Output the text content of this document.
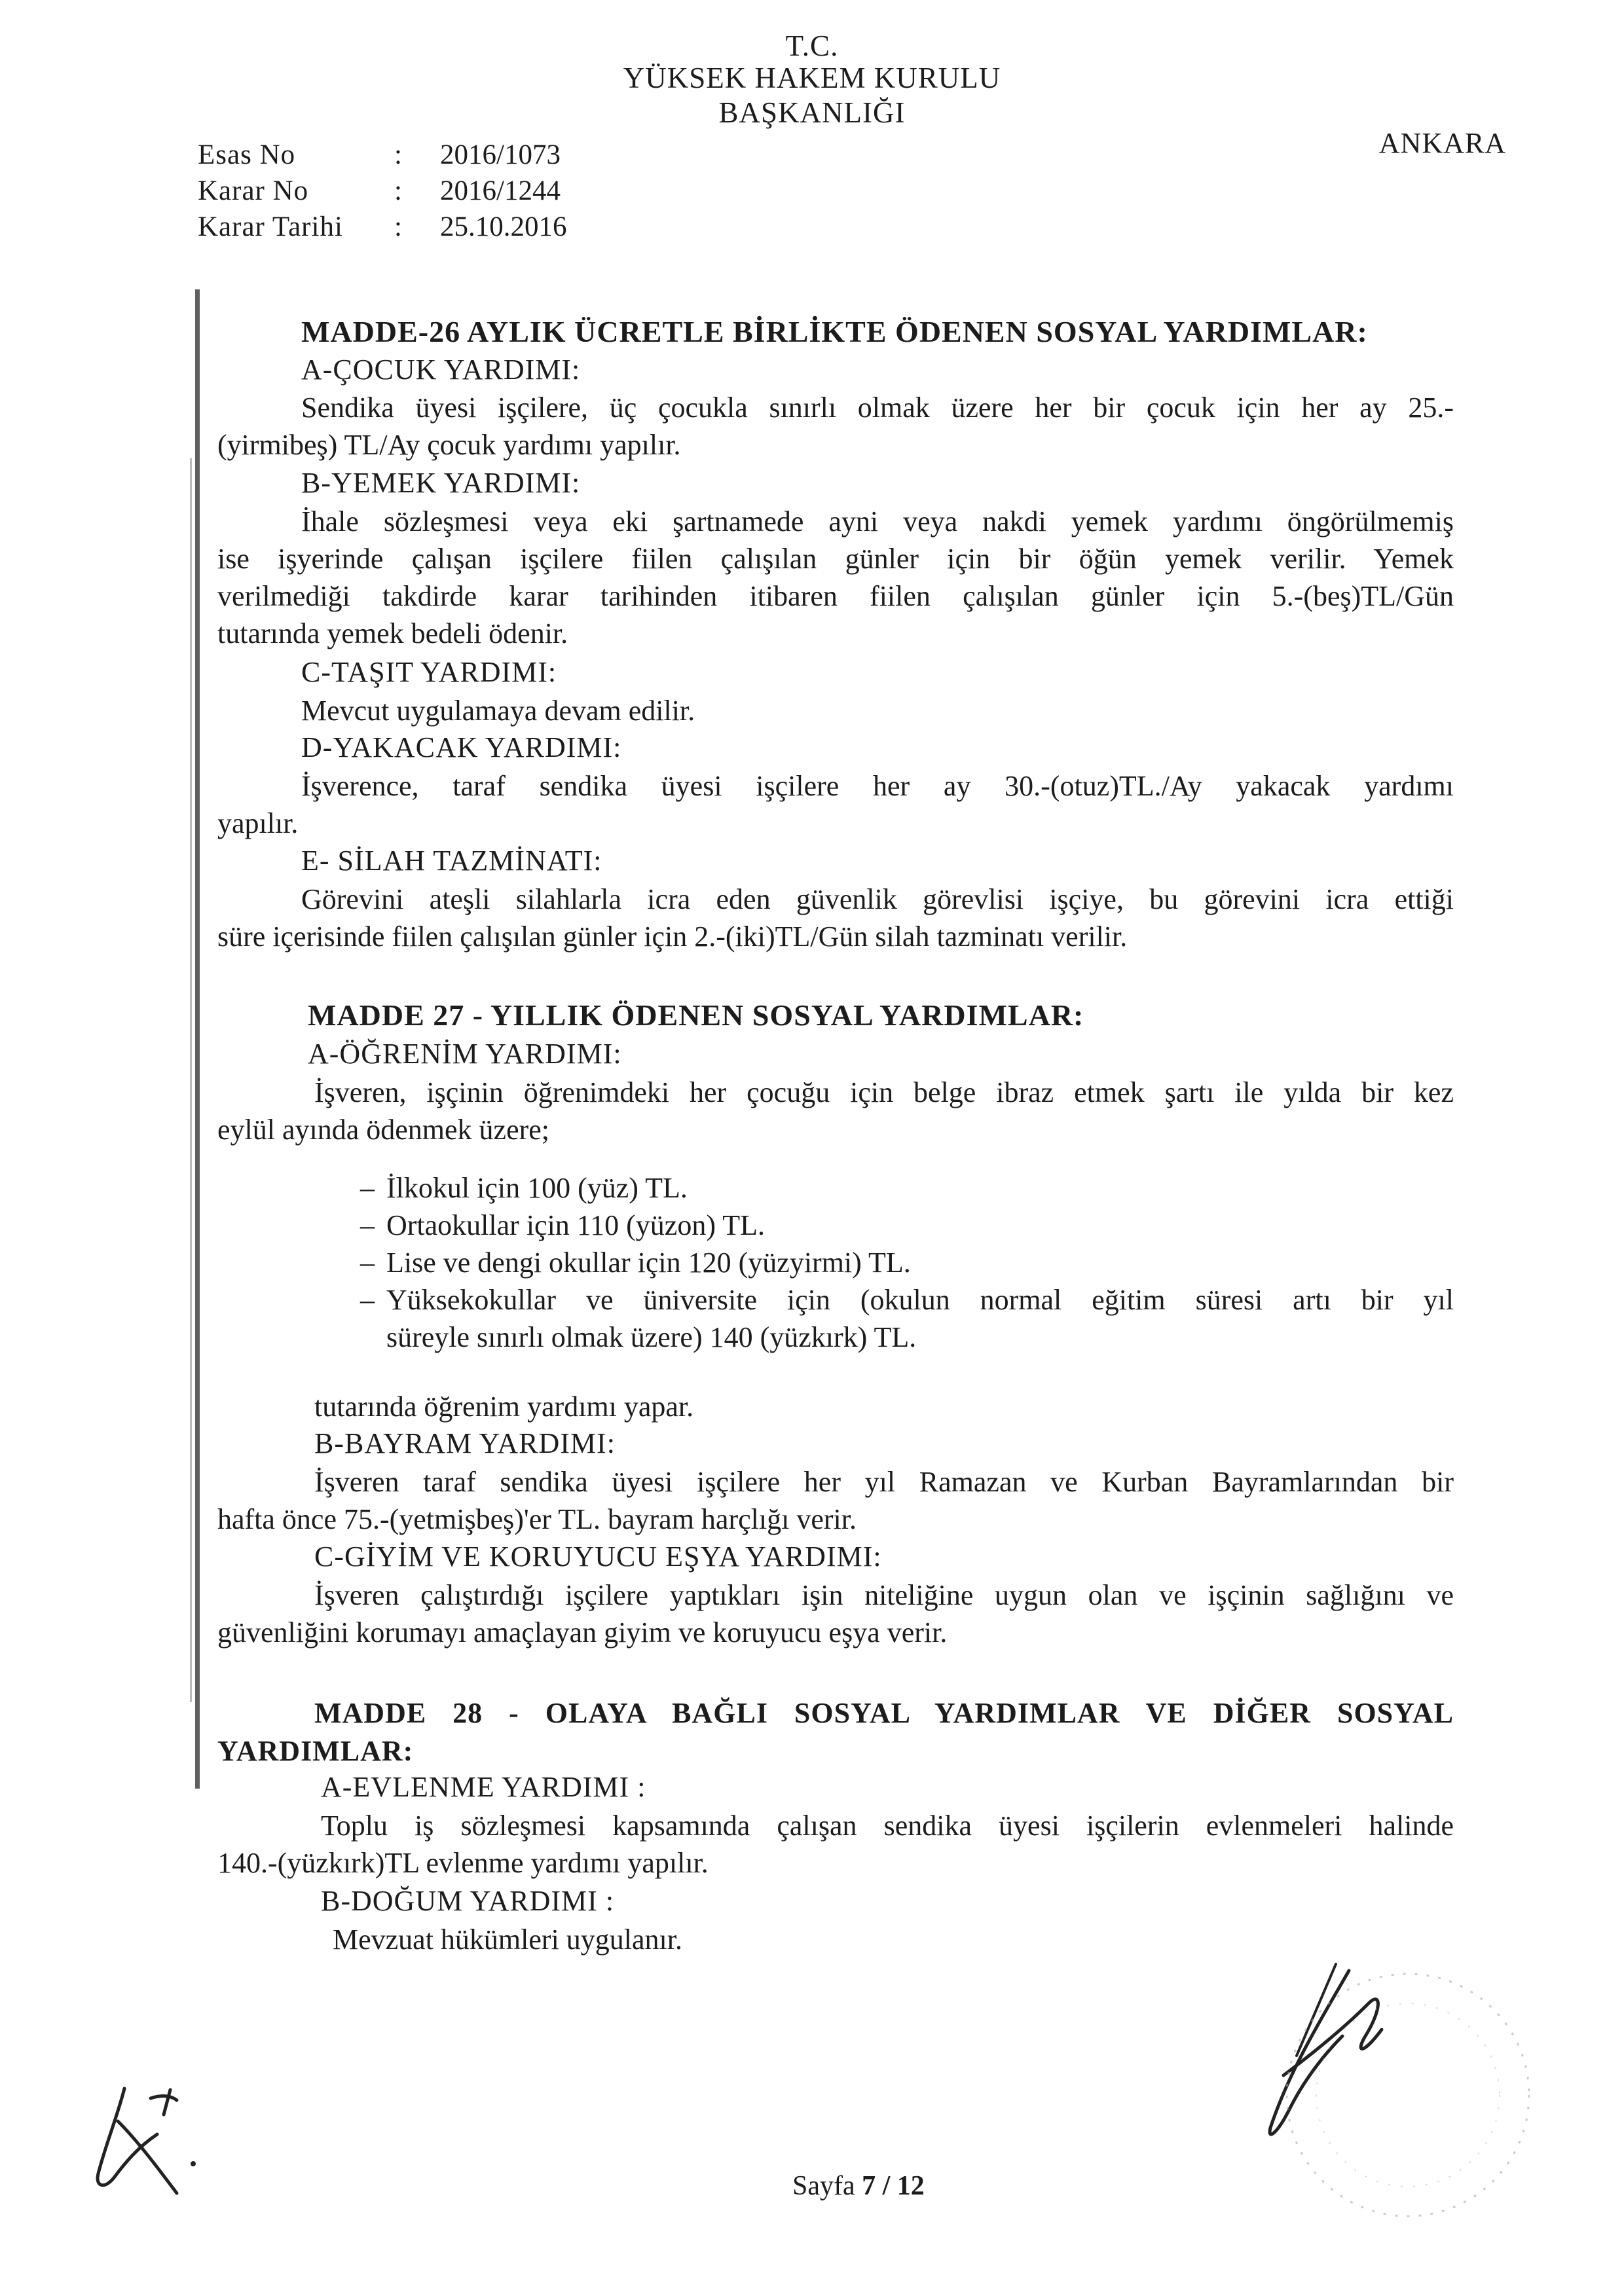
T.C.
YÜKSEK HAKEM KURULU
BAŞKANLIĞI
ANKARA
Esas No	: 2016/1073
Karar No	: 2016/1244
Karar Tarihi : 25.10.2016
MADDE-26 AYLIK ÜCRETLE BİRLİKTE ÖDENEN SOSYAL YARDIMLAR:
A-ÇOCUK YARDIMI:
Sendika üyesi işçilere, üç çocukla sınırlı olmak üzere her bir çocuk için her ay 25.-
(yirmibeş) TL/Ay çocuk yardımı yapılır.
B-YEMEK YARDIMI:
İhale sözleşmesi veya eki şartnamede ayni veya nakdi yemek yardımı öngörülmemiş
ise işyerinde çalışan işçilere fiilen çalışılan günler için bir öğün yemek verilir. Yemek
verilmediği takdirde karar tarihinden itibaren fiilen çalışılan günler için 5.-(beş)TL/Gün
tutarında yemek bedeli ödenir.
C-TAŞIT YARDIMI:
Mevcut uygulamaya devam edilir.
D-YAKACAK YARDIMI:
İşverence, taraf sendika üyesi işçilere her ay 30.-(otuz)TL./Ay yakacak yardımı
yapılır.
E- SİLAH TAZMİNATI:
Görevini ateşli silahlarla icra eden güvenlik görevlisi işçiye, bu görevini icra ettiği
süre içerisinde fiilen çalışılan günler için 2.-(iki)TL/Gün silah tazminatı verilir.
MADDE 27 - YILLIK ÖDENEN SOSYAL YARDIMLAR:
A-ÖĞRENİM YARDIMI:
İşveren, işçinin öğrenimdeki her çocuğu için belge ibraz etmek şartı ile yılda bir kez
eylül ayında ödenmek üzere;
– İlkokul için 100 (yüz) TL.
– Ortaokullar için 110 (yüzon) TL.
– Lise ve dengi okullar için 120 (yüzyirmi) TL.
– Yüksekokullar ve üniversite için (okulun normal eğitim süresi artı bir yıl
süreyle sınırlı olmak üzere) 140 (yüzkırk) TL.
tutarında öğrenim yardımı yapar.
B-BAYRAM YARDIMI:
İşveren taraf sendika üyesi işçilere her yıl Ramazan ve Kurban Bayramlarından bir
hafta önce 75.-(yetmişbeş)'er TL. bayram harçlığı verir.
C-GİYİM VE KORUYUCU EŞYA YARDIMI:
İşveren çalıştırdığı işçilere yaptıkları işin niteliğine uygun olan ve işçinin sağlığını ve
güvenliğini korumayı amaçlayan giyim ve koruyucu eşya verir.
MADDE 28 - OLAYA BAĞLI SOSYAL YARDIMLAR VE DİĞER SOSYAL
YARDIMLAR:
A-EVLENME YARDIMI :
Toplu iş sözleşmesi kapsamında çalışan sendika üyesi işçilerin evlenmeleri halinde
140.-(yüzkırk)TL evlenme yardımı yapılır.
B-DOĞUM YARDIMI :
Mevzuat hükümleri uygulanır.
Sayfa 7 / 12
